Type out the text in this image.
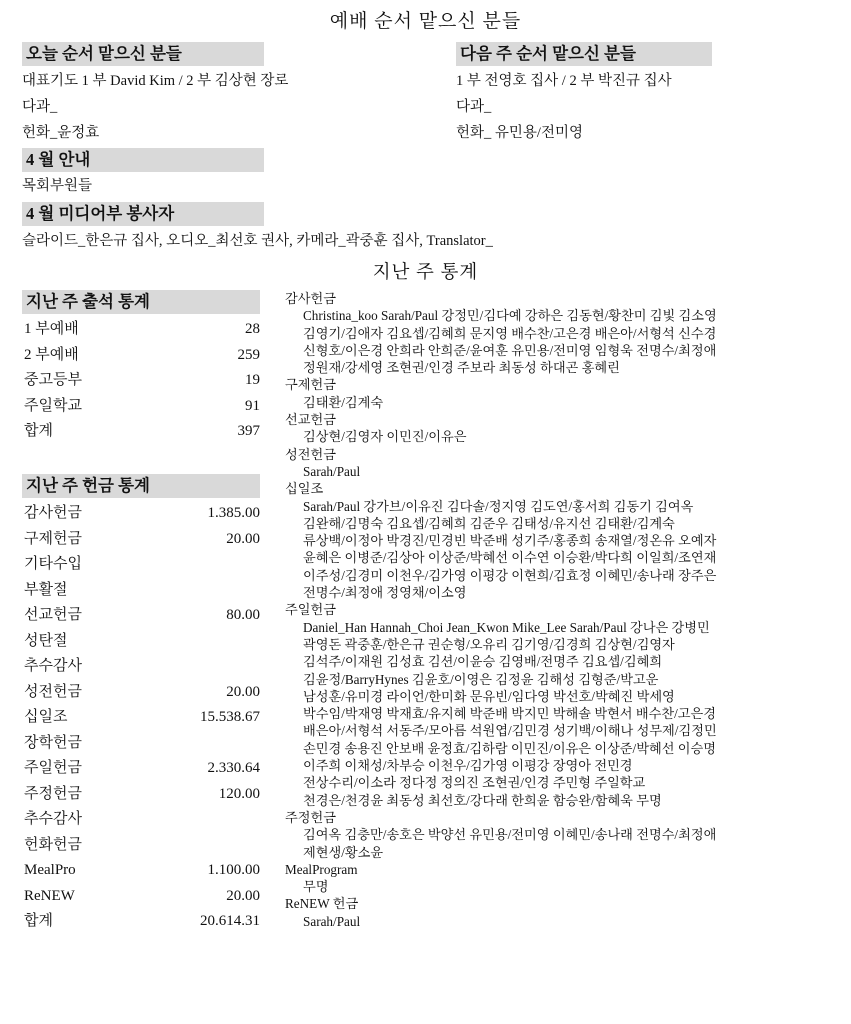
예배 순서 맡으신 분들
오늘 순서 맡으신 분들
대표기도 1 부 David Kim / 2 부 김상현 장로
다과_
헌화_윤정효
다음 주 순서 맡으신 분들
1 부 전영호 집사 / 2 부 박진규 집사
다과_
헌화_ 유민용/전미영
4 월 안내
목회부원들
4 월 미디어부 봉사자
슬라이드_한은규 집사, 오디오_최선호 권사, 카메라_곽중훈 집사, Translator_
지난 주 통계
지난 주 출석 통계
1 부예배	28
2 부예배	259
중고등부	19
주일학교	91
합계	397
지난 주 헌금 통계
감사헌금	1.385.00
구제헌금	20.00
기타수입
부활절
선교헌금	80.00
성탄절
추수감사
성전헌금	20.00
십일조	15.538.67
장학헌금
주일헌금	2.330.64
주정헌금	120.00
추수감사
헌화헌금
MealPro	1.100.00
ReNEW	20.00
합계	20.614.31
감사헌금
Christina_koo Sarah/Paul 강정민/김다예 강하은 김동현/황찬미 김빛 김소영
김영기/김애자 김요셉/김혜희 문지영 배수찬/고은경 배은아/서형석 신수경
신형호/이은경 안희라 안희준/윤여훈 유민용/전미영 임형욱 전명수/최정애
정원재/강세영 조현권/인경 주보라 최동성 하대곤 홍혜린
구제헌금
김태환/김계숙
선교헌금
김상현/김영자 이민진/이유은
성전헌금
Sarah/Paul
십일조
Sarah/Paul 강가브/이유진 김다솔/정지영 김도연/홍서희 김동기 김여옥
김완해/김명숙 김요셉/김혜희 김준우 김태성/유지선 김태환/김계숙
류상백/이정아 박경진/민경빈 박준배 성기주/홍종희 송재열/정온유 오예자
윤혜은 이병준/김상아 이상준/박혜선 이수연 이승환/박다희 이일희/조연재
이주성/김경미 이천우/김가영 이평강 이현희/김효정 이혜민/송나래 장주은
전명수/최정애 정영채/이소영
주일헌금
Daniel_Han Hannah_Choi Jean_Kwon Mike_Lee Sarah/Paul 강나은 강병민
곽영돈 곽중훈/한은규 권순형/오유리 김기영/김경희 김상현/김영자
김석주/이재원 김성효 김션/이윤승 김영배/전명주 김요셉/김혜희
김윤정/BarryHynes 김윤호/이영은 김정윤 김해성 김형준/박고운
남성훈/유미경 라이언/한미화 문유빈/임다영 박선호/박혜진 박세영
박수임/박재영 박재효/유지혜 박준배 박지민 박해솔 박현서 배수찬/고은경
배은아/서형석 서동주/모아름 석원엽/김민경 성기백/이해나 성무제/김정민
손민경 송용진 안보배 윤정효/김하람 이민진/이유은 이상준/박혜선 이승명
이주희 이채성/차부승 이천우/김가영 이평강 장영아 전민경
전상수리/이소라 정다정 정의진 조현권/인경 주민형 주일학교
천경은/천경윤 최동성 최선호/강다래 한희윤 함승완/함혜욱 무명
주정헌금
김여옥 김충만/송호은 박양선 유민용/전미영 이혜민/송나래 전명수/최정애
제현생/황소윤
MealProgram
무명
ReNEW 헌금
Sarah/Paul
